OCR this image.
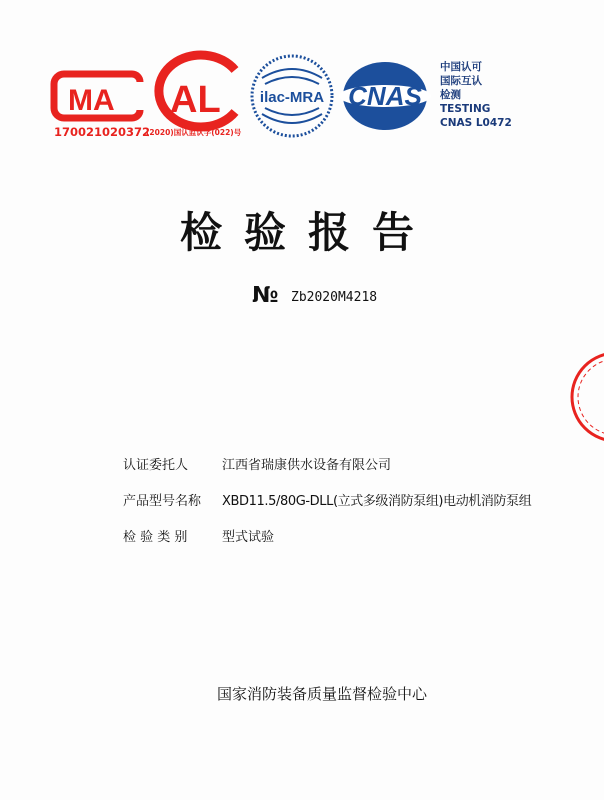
MA AL	ilac-MRA CNAS
170021020372
(2020)国认监认字(022)号
中国认可
国际互认
检测
TESTING
CNAS L0472
检验报告
№ Zb2020M4218
认证委托人	江西省瑞康供水设备有限公司
产品型号名称 XBD11.5/80G-DLL(立式多级消防泵组)电动机消防泵组
检 验 类 别	型式试验
国家消防装备质量监督检验中心
